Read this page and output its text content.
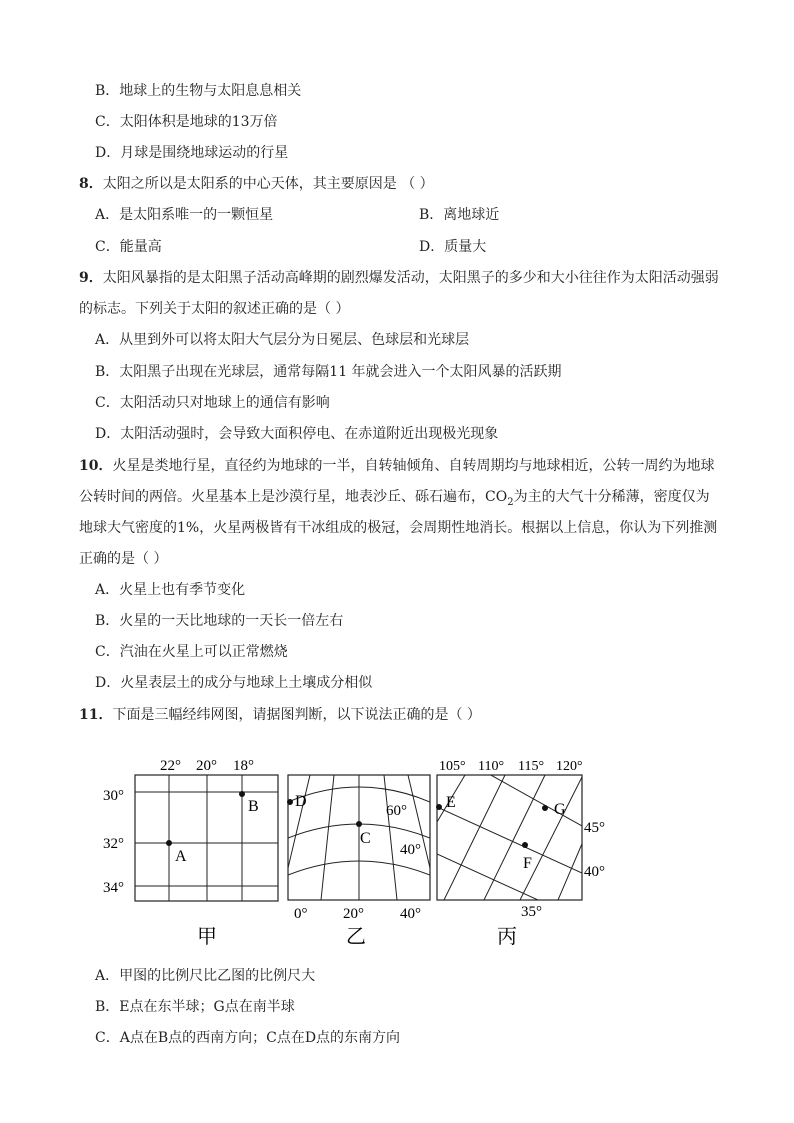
B．地球上的生物与太阳息息相关
C．太阳体积是地球的13万倍
D．月球是围绕地球运动的行星
8．太阳之所以是太阳系的中心天体，其主要原因是 （ ）
A．是太阳系唯一的一颗恒星	B．离地球近
C．能量高	D．质量大
9．太阳风暴指的是太阳黑子活动高峰期的剧烈爆发活动，太阳黑子的多少和大小往往作为太阳活动强弱
的标志。下列关于太阳的叙述正确的是（ ）
A．从里到外可以将太阳大气层分为日冕层、色球层和光球层
B．太阳黑子出现在光球层，通常每隔11 年就会进入一个太阳风暴的活跃期
C．太阳活动只对地球上的通信有影响
D．太阳活动强时，会导致大面积停电、在赤道附近出现极光现象
10．火星是类地行星，直径约为地球的一半，自转轴倾角、自转周期均与地球相近，公转一周约为地球
公转时间的两倍。火星基本上是沙漠行星，地表沙丘、砾石遍布，$CO_2$为主的大气十分稀薄，密度仅为
地球大气密度的1%，火星两极皆有干冰组成的极冠，会周期性地消长。根据以上信息，你认为下列推测
正确的是（ ）
A．火星上也有季节变化
B．火星的一天比地球的一天长一倍左右
C．汽油在火星上可以正常燃烧
D．火星表层土的成分与地球上土壤成分相似
11．下面是三幅经纬网图，请据图判断，以下说法正确的是（ ）
22° 20° 18°
30°
32°
34°
A
B
甲
D
C
60°
40°
0° 20° 40°
乙
E	G
F
105° 110° 115° 120°
45°
40°
35°
丙
A．甲图的比例尺比乙图的比例尺大
B．E点在东半球；G点在南半球
C．A点在B点的西南方向；C点在D点的东南方向
